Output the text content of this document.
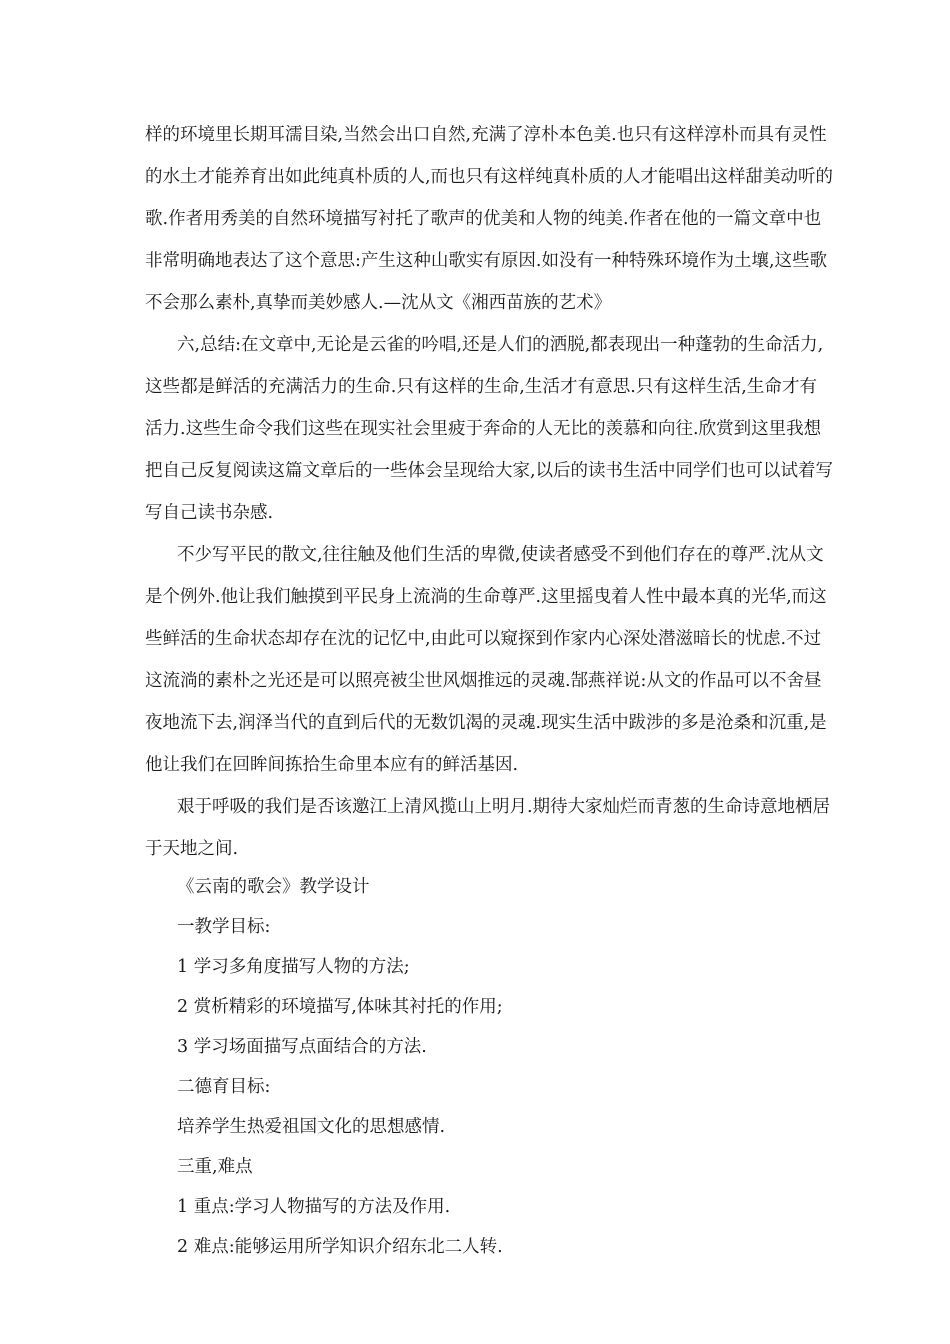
样的环境里长期耳濡目染,当然会出口自然,充满了淳朴本色美.也只有这样淳朴而具有灵性
的水土才能养育出如此纯真朴质的人,而也只有这样纯真朴质的人才能唱出这样甜美动听的
歌.作者用秀美的自然环境描写衬托了歌声的优美和人物的纯美.作者在他的一篇文章中也
非常明确地表达了这个意思:产生这种山歌实有原因.如没有一种特殊环境作为土壤,这些歌
不会那么素朴,真挚而美妙感人.—沈从文《湘西苗族的艺术》
六,总结:在文章中,无论是云雀的吟唱,还是人们的洒脱,都表现出一种蓬勃的生命活力,
这些都是鲜活的充满活力的生命.只有这样的生命,生活才有意思.只有这样生活,生命才有
活力.这些生命令我们这些在现实社会里疲于奔命的人无比的羡慕和向往.欣赏到这里我想
把自己反复阅读这篇文章后的一些体会呈现给大家,以后的读书生活中同学们也可以试着写
写自己读书杂感.
不少写平民的散文,往往触及他们生活的卑微,使读者感受不到他们存在的尊严.沈从文
是个例外.他让我们触摸到平民身上流淌的生命尊严.这里摇曳着人性中最本真的光华,而这
些鲜活的生命状态却存在沈的记忆中,由此可以窥探到作家内心深处潜滋暗长的忧虑.不过
这流淌的素朴之光还是可以照亮被尘世风烟推远的灵魂.郜燕祥说:从文的作品可以不舍昼
夜地流下去,润泽当代的直到后代的无数饥渴的灵魂.现实生活中跋涉的多是沧桑和沉重,是
他让我们在回眸间拣拾生命里本应有的鲜活基因.
艰于呼吸的我们是否该邀江上清风揽山上明月.期待大家灿烂而青葱的生命诗意地栖居
于天地之间.
《云南的歌会》教学设计
一教学目标:
1 学习多角度描写人物的方法;
2 赏析精彩的环境描写,体味其衬托的作用;
3 学习场面描写点面结合的方法.
二德育目标:
培养学生热爱祖国文化的思想感情.
三重,难点
1 重点:学习人物描写的方法及作用.
2 难点:能够运用所学知识介绍东北二人转.
